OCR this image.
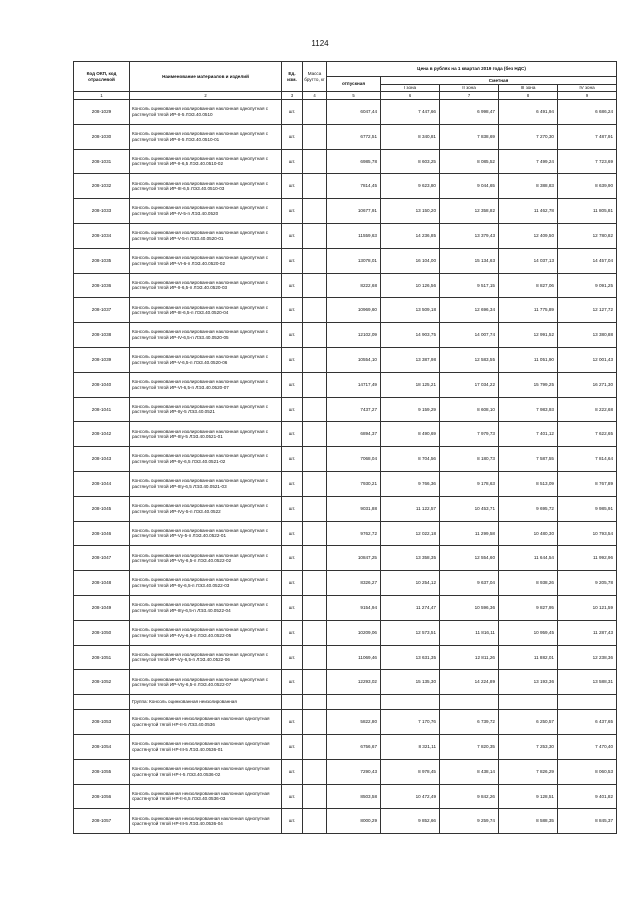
1124
Код ОКП, код отраслевой	Наименование материалов и изделий	Ед. изм.	Масса брутто, кг	Цена в рублях на 1 квартал 2019 года (без НДС)				
				отпускная	Сметная			
					I зона	II зона	III зона	IV зона
1	2	3	4	5	6	7	8	9
208-1029	Консоль оцинкованная изолированная наклонная однопутная с растянутой тягой ИР-II-5 ЛЭЗ.40.0510	шт.		6047,44	7 447,66	6 998,47	6 491,94	6 686,24
208-1030	Консоль оцинкованная изолированная наклонная однопутная с растянутой тягой ИР-II-5 ЛЭЗ.40.0510-01	шт.		6772,51	8 340,81	7 838,69	7 270,30	7 487,91
208-1031	Консоль оцинкованная изолированная наклонная однопутная с растянутой тягой ИР-II-6,5 ЛЭЗ.40.0510-02	шт.		6985,78	8 603,25	8 085,52	7 499,24	7 723,69
208-1032	Консоль оцинкованная изолированная наклонная однопутная с растянутой тягой ИР-III-6,5 ЛЭЗ.40.0510-03	шт.		7814,45	9 623,80	9 044,65	8 388,83	8 639,90
208-1033	Консоль оцинкованная изолированная наклонная однопутная с растянутой тягой ИР-IV-5-п ЛЭЗ.40.0520	шт.		10677,91	13 150,20	12 358,82	11 462,78	11 805,81
208-1034	Консоль оцинкованная изолированная наклонная однопутная с растянутой тягой ИР-V-5-п ЛЭЗ.40.0520-01	шт.		11559,63	14 236,85	13 379,43	12 409,50	12 780,82
208-1035	Консоль оцинкованная изолированная наклонная однопутная с растянутой тягой ИР-VI-6-п ЛЭЗ.40.0520-02	шт.		13078,01	16 104,00	15 134,63	14 037,13	14 457,04
208-1036	Консоль оцинкованная изолированная наклонная однопутная с растянутой тягой ИР-II-6,5-п ЛЭЗ.40.0520-03	шт.		8222,68	10 126,56	9 517,15	8 827,06	9 091,25
208-1037	Консоль оцинкованная изолированная наклонная однопутная с растянутой тягой ИР-III-6,5-п ЛЭЗ.40.0520-04	шт.		10969,60	13 509,18	12 696,34	11 775,89	12 127,72
208-1038	Консоль оцинкованная изолированная наклонная однопутная с растянутой тягой ИР-IV-6,5-п ЛЭЗ.40.0520-05	шт.		12102,09	14 903,75	14 007,74	12 991,52	13 380,88
208-1039	Консоль оцинкованная изолированная наклонная однопутная с растянутой тягой ИР-V-6,5-п ЛЭЗ.40.0520-06	шт.		10554,10	13 387,98	12 583,55	11 051,90	12 001,43
208-1040	Консоль оцинкованная изолированная наклонная однопутная с растянутой тягой ИР-VI-6,5-п ЛЭЗ.40.0520-07	шт.		14717,49	18 125,21	17 034,22	15 799,25	16 271,30
208-1041	Консоль оцинкованная изолированная наклонная однопутная с растянутой тягой ИР-IIу-5 ЛЭЗ.40.0521	шт.		7437,27	9 159,29	8 608,10	7 983,93	8 222,68
208-1042	Консоль оцинкованная изолированная наклонная однопутная с растянутой тягой ИР-IIIу-5 ЛЭЗ.40.0521-01	шт.		6894,37	8 490,69	7 979,73	7 401,12	7 622,65
208-1043	Консоль оцинкованная изолированная наклонная однопутная с растянутой тягой ИР-IIу-6,5 ЛЭЗ.40.0521-02	шт.		7068,04	8 704,56	8 180,73	7 587,55	7 814,64
208-1044	Консоль оцинкованная изолированная наклонная однопутная с растянутой тягой ИР-IIIу-6,5 ЛЭЗ.40.0521-03	шт.		7930,21	9 766,36	9 178,63	8 513,09	8 767,89
208-1045	Консоль оцинкованная изолированная наклонная однопутная с растянутой тягой ИР-IVу-5-п ЛЭЗ.40.0522	шт.		9031,88	11 122,57	10 453,71	9 695,72	9 985,91
208-1046	Консоль оцинкованная изолированная наклонная однопутная с растянутой тягой ИР-Vу-5-п ЛЭЗ.40.0522-01	шт.		9762,72	12 022,18	11 299,58	10 480,30	10 793,54
208-1047	Консоль оцинкованная изолированная наклонная однопутная с растянутой тягой ИР-VIу-6,5-п ЛЭЗ.40.0522-02	шт.		10847,25	13 358,35	12 554,60	11 644,54	11 992,96
208-1048	Консоль оцинкованная изолированная наклонная однопутная с растянутой тягой ИР-IIу-6,5-п ЛЭЗ.40.0522-03	шт.		8326,27	10 254,12	9 637,04	8 938,26	9 205,78
208-1049	Консоль оцинкованная изолированная наклонная однопутная с растянутой тягой ИР-IIIу-6,5-п ЛЭЗ.40.0522-04	шт.		9154,94	11 274,47	10 596,36	9 827,95	10 121,59
208-1050	Консоль оцинкованная изолированная наклонная однопутная с растянутой тягой ИР-IVу-6,5-п ЛЭЗ.40.0522-05	шт.		10209,06	12 573,51	11 816,11	10 959,45	11 287,43
208-1051	Консоль оцинкованная изолированная наклонная однопутная с растянутой тягой ИР-Vу-6,5-п ЛЭЗ.40.0522-06	шт.		11069,46	13 631,35	12 811,26	11 882,01	12 238,36
208-1052	Консоль оцинкованная изолированная наклонная однопутная с растянутой тягой ИР-VIу-6,5-п ЛЭЗ.40.0522-07	шт.		12293,02	15 135,30	14 224,89	13 193,36	13 588,31
	Группа: Консоль оцинкованная неизолированная							
208-1053	Консоль оцинкованная неизолированная наклонная однопутная срастянутой тягой НР-II-5 ЛЭЗ.40.0536	шт.		5822,80	7 170,76	6 739,72	6 250,57	6 437,65
208-1054	Консоль оцинкованная неизолированная наклонная однопутная срастянутой тягой НР-III-5 ЛЭЗ.40.0536-01	шт.		6756,67	8 321,11	7 820,35	7 253,30	7 470,40
208-1055	Консоль оцинкованная неизолированная наклонная однопутная срастянутой тягой НР-I-5 ЛЭЗ.40.0536-02	шт.		7290,43	8 978,45	8 438,14	7 826,29	8 060,53
208-1056	Консоль оцинкованная неизолированная наклонная однопутная срастянутой тягой НР-II-6,5 ЛЭЗ.40.0536-03	шт.		8503,58	10 472,49	9 842,26	9 128,51	9 401,82
208-1057	Консоль оцинкованная неизолированная наклонная однопутная срастянутой тягой НР-III-5 ЛЭЗ.40.0536-04	шт.		8000,29	9 852,66	9 259,74	8 588,35	8 845,37
